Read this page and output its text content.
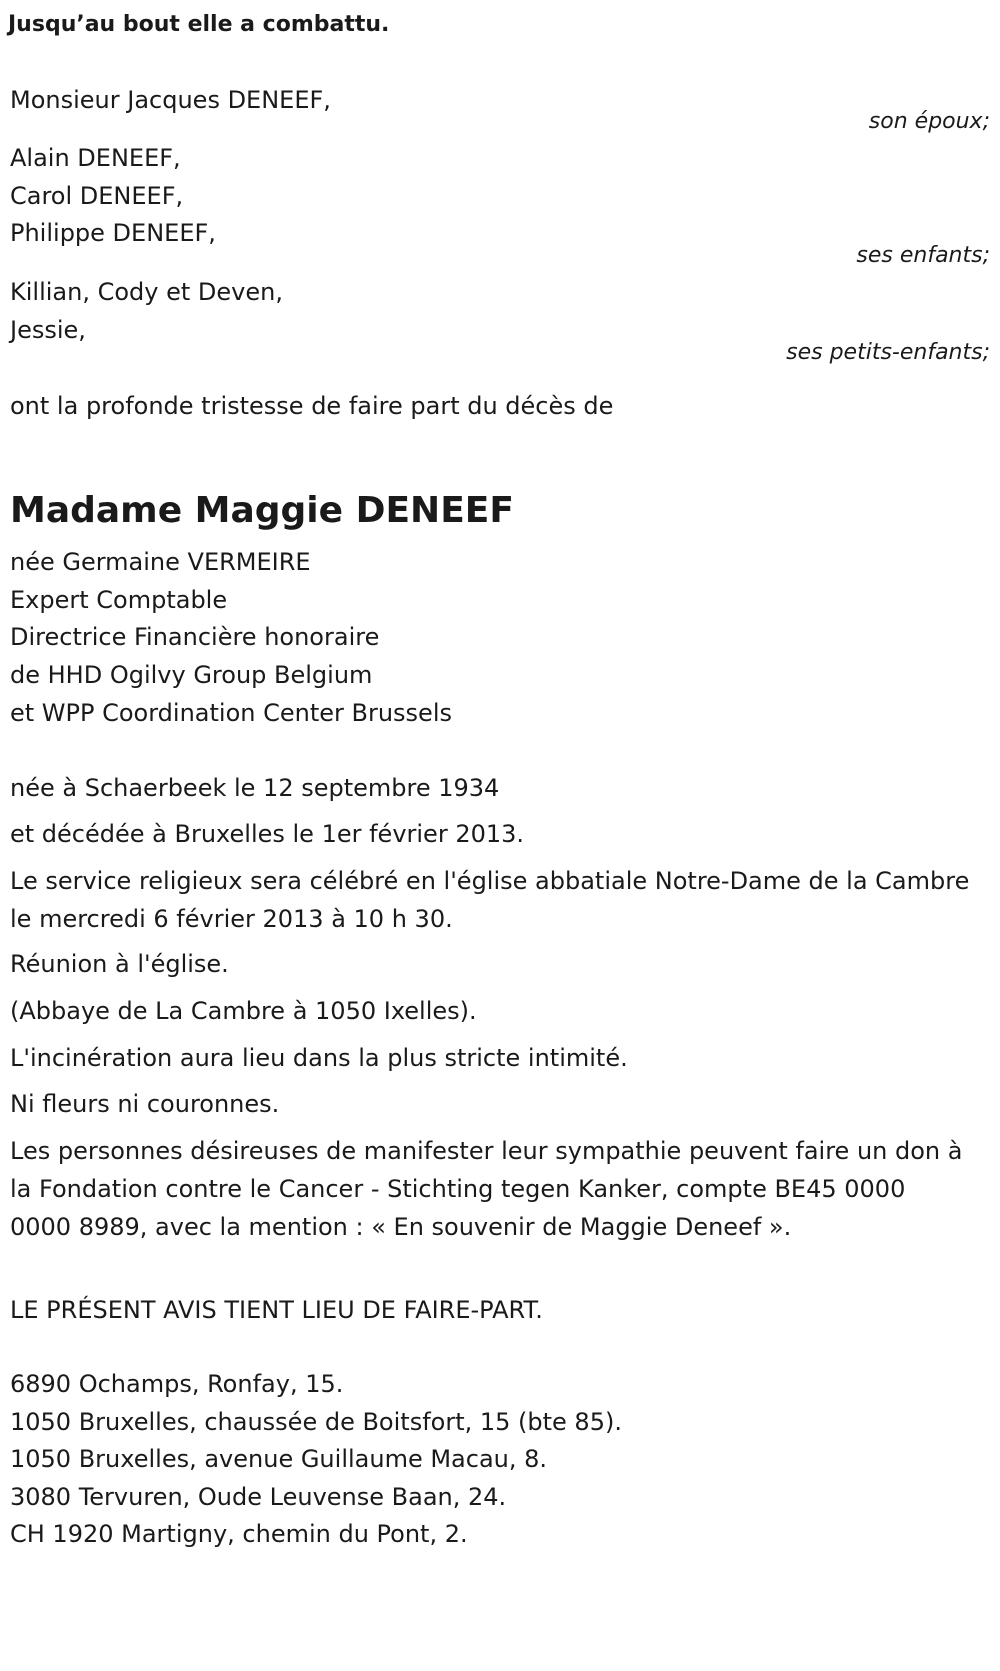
Jusqu’au bout elle a combattu.
Monsieur Jacques DENEEF,
son époux;
Alain DENEEF,
Carol DENEEF,
Philippe DENEEF,
ses enfants;
Killian, Cody et Deven,
Jessie,
ses petits-enfants;
ont la profonde tristesse de faire part du décès de
Madame Maggie DENEEF
née Germaine VERMEIRE
Expert Comptable
Directrice Financière honoraire
de HHD Ogilvy Group Belgium
et WPP Coordination Center Brussels
née à Schaerbeek le 12 septembre 1934
et décédée à Bruxelles le 1er février 2013.
Le service religieux sera célébré en l'église abbatiale Notre-Dame de la Cambre le mercredi 6 février 2013 à 10 h 30.
Réunion à l'église.
(Abbaye de La Cambre à 1050 Ixelles).
L'incinération aura lieu dans la plus stricte intimité.
Ni fleurs ni couronnes.
Les personnes désireuses de manifester leur sympathie peuvent faire un don à la Fondation contre le Cancer - Stichting tegen Kanker, compte BE45 0000 0000 8989, avec la mention : « En souvenir de Maggie Deneef ».
LE PRÉSENT AVIS TIENT LIEU DE FAIRE-PART.
6890 Ochamps, Ronfay, 15.
1050 Bruxelles, chaussée de Boitsfort, 15 (bte 85).
1050 Bruxelles, avenue Guillaume Macau, 8.
3080 Tervuren, Oude Leuvense Baan, 24.
CH 1920 Martigny, chemin du Pont, 2.
